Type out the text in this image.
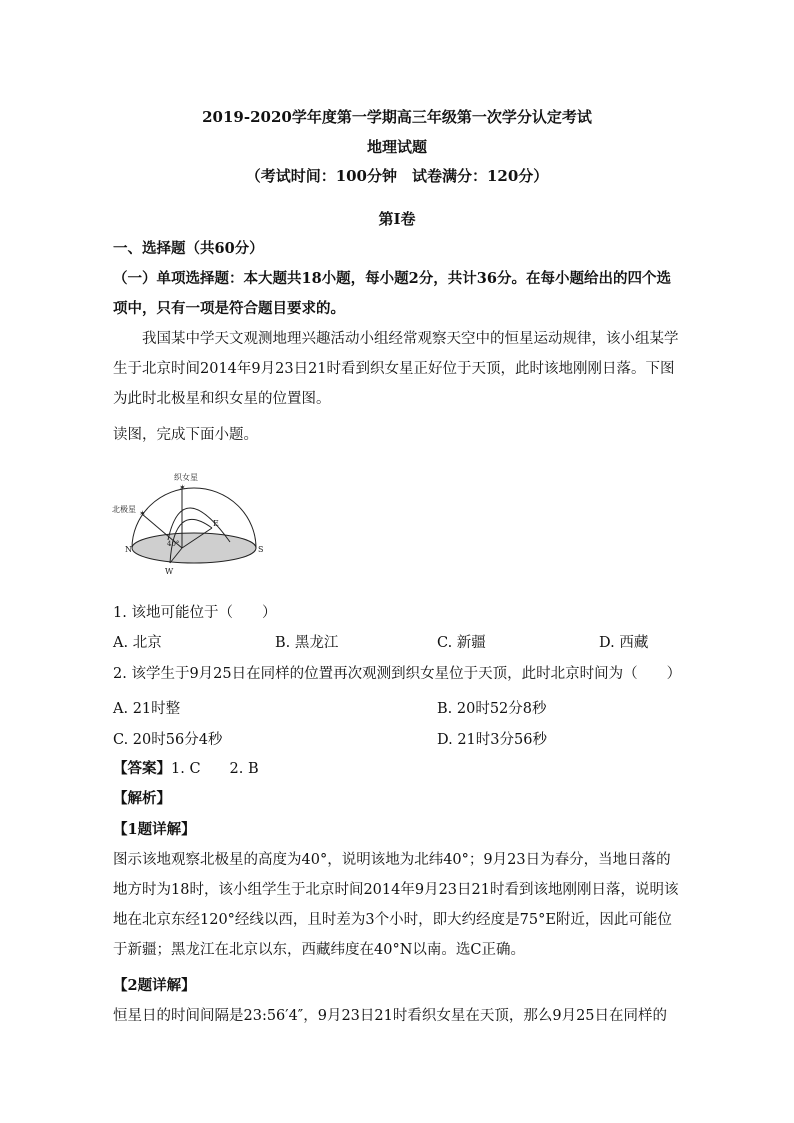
2019-2020学年度第一学期高三年级第一次学分认定考试
地理试题
（考试时间：100分钟　试卷满分：120分）
第Ⅰ卷
一、选择题（共60分）
（一）单项选择题：本大题共18小题，每小题2分，共计36分。在每小题给出的四个选项中，只有一项是符合题目要求的。
我国某中学天文观测地理兴趣活动小组经常观察天空中的恒星运动规律，该小组某学生于北京时间2014年9月23日21时看到织女星正好位于天顶，此时该地刚刚日落。下图为此时北极星和织女星的位置图。
读图，完成下面小题。
✶
✶
织女星
北极星
N	S
E
W
40°
1. 该地可能位于（　　）
A. 北京	B. 黑龙江	C. 新疆	D. 西藏
2. 该学生于9月25日在同样的位置再次观测到织女星位于天顶，此时北京时间为（　　）
A. 21时整	B. 20时52分8秒
C. 20时56分4秒	D. 21时3分56秒
【答案】1. C　　2. B
【解析】
【1题详解】
图示该地观察北极星的高度为40°，说明该地为北纬40°；9月23日为春分，当地日落的地方时为18时，该小组学生于北京时间2014年9月23日21时看到该地刚刚日落，说明该地在北京东经120°经线以西，且时差为3个小时，即大约经度是75°E附近，因此可能位于新疆；黑龙江在北京以东，西藏纬度在40°N以南。选C正确。
【2题详解】
恒星日的时间间隔是23:56′4″，9月23日21时看织女星在天顶，那么9月25日在同样的
